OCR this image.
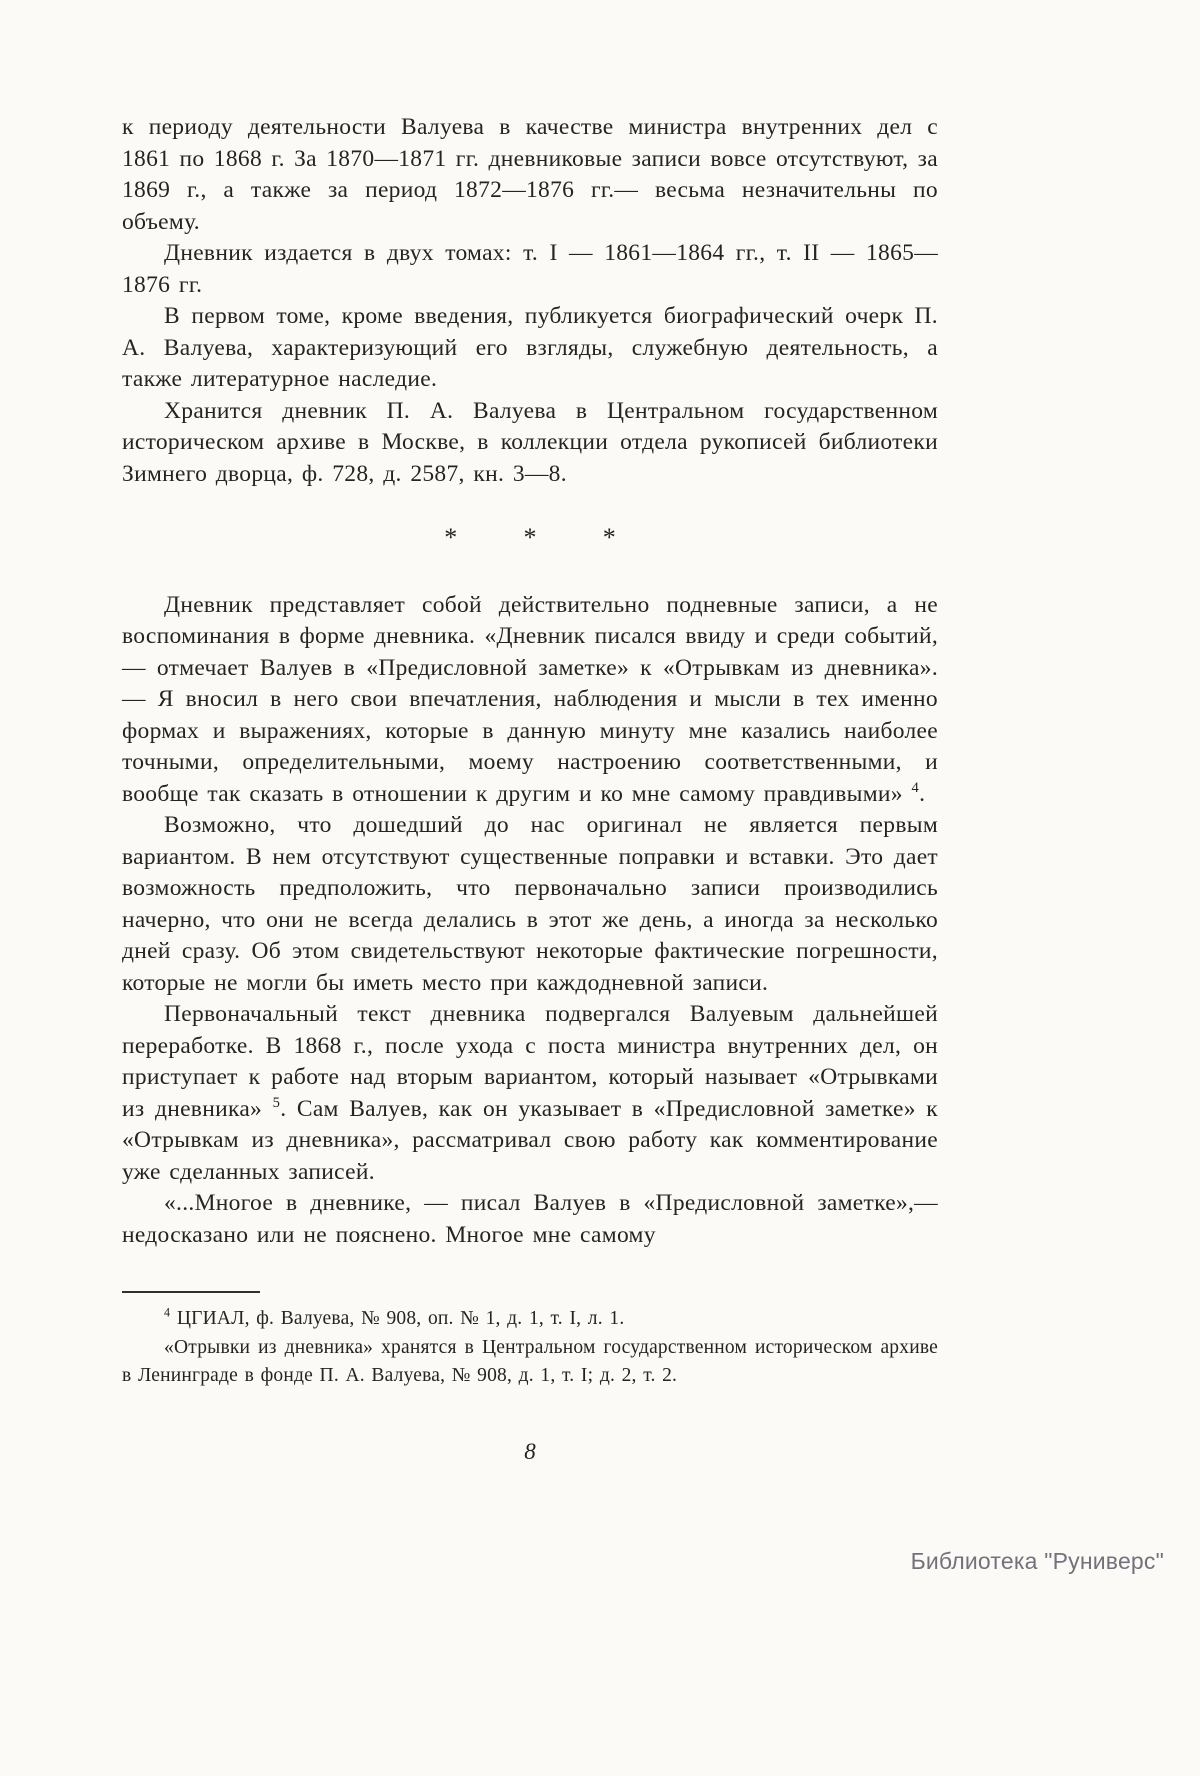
к периоду деятельности Валуева в качестве министра внутренних дел с 1861 по 1868 г. За 1870—1871 гг. дневниковые записи вовсе отсутствуют, за 1869 г., а также за период 1872—1876 гг.— весьма незначительны по объему.

Дневник издается в двух томах: т. I — 1861—1864 гг., т. II — 1865—1876 гг.

В первом томе, кроме введения, публикуется биографический очерк П. А. Валуева, характеризующий его взгляды, служебную деятельность, а также литературное наследие.

Хранится дневник П. А. Валуева в Центральном государственном историческом архиве в Москве, в коллекции отдела рукописей библиотеки Зимнего дворца, ф. 728, д. 2587, кн. 3—8.

* * *

Дневник представляет собой действительно подневные записи, а не воспоминания в форме дневника. «Дневник писался ввиду и среди событий, — отмечает Валуев в «Предисловной заметке» к «Отрывкам из дневника». — Я вносил в него свои впечатления, наблюдения и мысли в тех именно формах и выражениях, которые в данную минуту мне казались наиболее точными, определительными, моему настроению соответственными, и вообще так сказать в отношении к другим и ко мне самому правдивыми» $^4$.

Возможно, что дошедший до нас оригинал не является первым вариантом. В нем отсутствуют существенные поправки и вставки. Это дает возможность предположить, что первоначально записи производились начерно, что они не всегда делались в этот же день, а иногда за несколько дней сразу. Об этом свидетельствуют некоторые фактические погрешности, которые не могли бы иметь место при каждодневной записи.

Первоначальный текст дневника подвергался Валуевым дальнейшей переработке. В 1868 г., после ухода с поста министра внутренних дел, он приступает к работе над вторым вариантом, который называет «Отрывками из дневника» $^5$. Сам Валуев, как он указывает в «Предисловной заметке» к «Отрывкам из дневника», рассматривал свою работу как комментирование уже сделанных записей.

«...Многое в дневнике, — писал Валуев в «Предисловной заметке»,— недосказано или не пояснено. Многое мне самому

$^4$ ЦГИАЛ, ф. Валуева, № 908, оп. № 1, д. 1, т. I, л. 1.

«Отрывки из дневника» хранятся в Центральном государственном историческом архиве в Ленинграде в фонде П. А. Валуева, № 908, д. 1, т. I; д. 2, т. 2.

8
Библиотека "Руниверс"
